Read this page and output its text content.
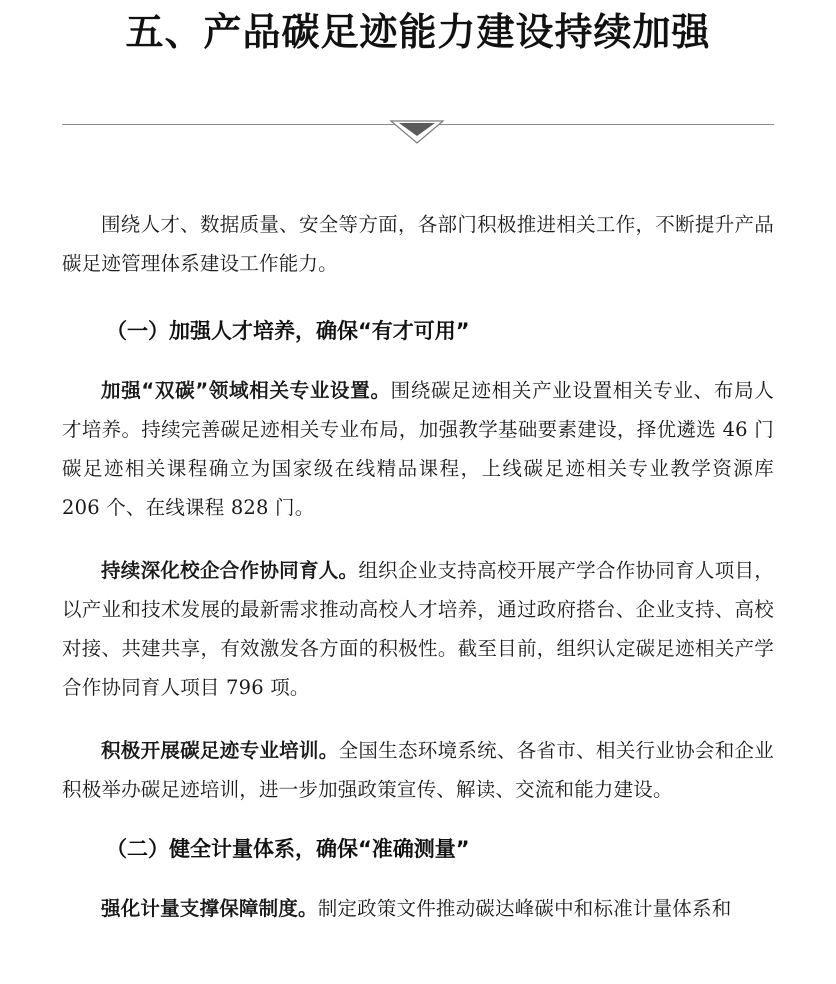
五、产品碳足迹能力建设持续加强

围绕人才、数据质量、安全等方面，各部门积极推进相关工作，不断提升产品碳足迹管理体系建设工作能力。

（一）加强人才培养，确保“有才可用”

加强“双碳”领域相关专业设置。围绕碳足迹相关产业设置相关专业、布局人才培养。持续完善碳足迹相关专业布局，加强教学基础要素建设，择优遴选 46 门碳足迹相关课程确立为国家级在线精品课程，上线碳足迹相关专业教学资源库 206 个、在线课程 828 门。

持续深化校企合作协同育人。组织企业支持高校开展产学合作协同育人项目，以产业和技术发展的最新需求推动高校人才培养，通过政府搭台、企业支持、高校对接、共建共享，有效激发各方面的积极性。截至目前，组织认定碳足迹相关产学合作协同育人项目 796 项。

积极开展碳足迹专业培训。全国生态环境系统、各省市、相关行业协会和企业积极举办碳足迹培训，进一步加强政策宣传、解读、交流和能力建设。

（二）健全计量体系，确保“准确测量”

强化计量支撑保障制度。制定政策文件推动碳达峰碳中和标准计量体系和
